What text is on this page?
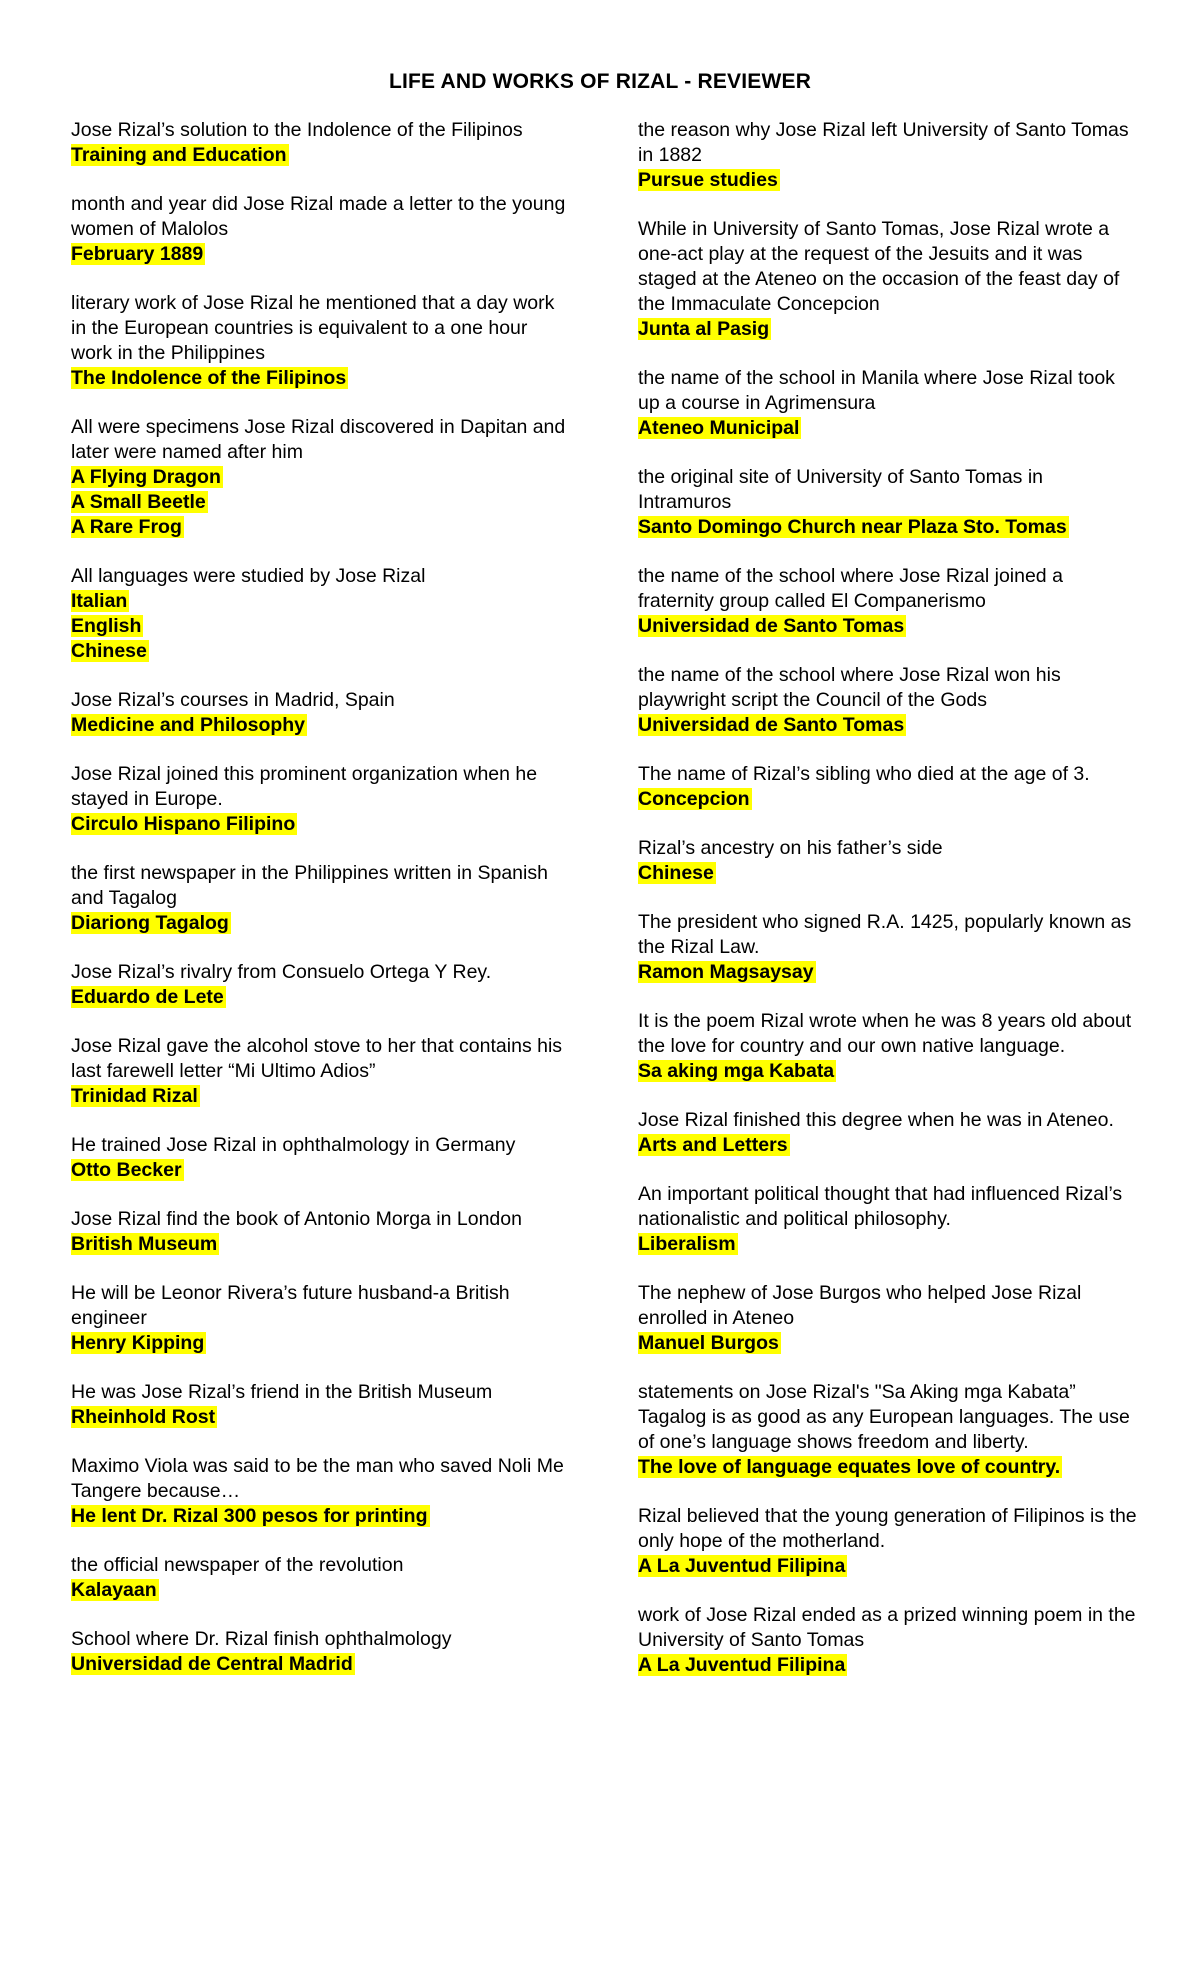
LIFE AND WORKS OF RIZAL - REVIEWER
Jose Rizal’s solution to the Indolence of the Filipinos
Training and Education
month and year did Jose Rizal made a letter to the young women of Malolos
February 1889
literary work of Jose Rizal he mentioned that a day work in the European countries is equivalent to a one hour work in the Philippines
The Indolence of the Filipinos
All were specimens Jose Rizal discovered in Dapitan and later were named after him
A Flying Dragon
A Small Beetle
A Rare Frog
All languages were studied by Jose Rizal
Italian
English
Chinese
Jose Rizal’s courses in Madrid, Spain
Medicine and Philosophy
Jose Rizal joined this prominent organization when he stayed in Europe.
Circulo Hispano Filipino
the first newspaper in the Philippines written in Spanish and Tagalog
Diariong Tagalog
Jose Rizal’s rivalry from Consuelo Ortega Y Rey.
Eduardo de Lete
Jose Rizal gave the alcohol stove to her that contains his last farewell letter “Mi Ultimo Adios”
Trinidad Rizal
He trained Jose Rizal in ophthalmology in Germany
Otto Becker
Jose Rizal find the book of Antonio Morga in London
British Museum
He will be Leonor Rivera’s future husband-a British engineer
Henry Kipping
He was Jose Rizal’s friend in the British Museum
Rheinhold Rost
Maximo Viola was said to be the man who saved Noli Me Tangere because…
He lent Dr. Rizal 300 pesos for printing
the official newspaper of the revolution
Kalayaan
School where Dr. Rizal finish ophthalmology
Universidad de Central Madrid
the reason why Jose Rizal left University of Santo Tomas in 1882
Pursue studies
While in University of Santo Tomas, Jose Rizal wrote a one-act play at the request of the Jesuits and it was staged at the Ateneo on the occasion of the feast day of the Immaculate Concepcion
Junta al Pasig
the name of the school in Manila where Jose Rizal took up a course in Agrimensura
Ateneo Municipal
the original site of University of Santo Tomas in Intramuros
Santo Domingo Church near Plaza Sto. Tomas
the name of the school where Jose Rizal joined a fraternity group called El Companerismo
Universidad de Santo Tomas
the name of the school where Jose Rizal won his playwright script the Council of the Gods
Universidad de Santo Tomas
The name of Rizal’s sibling who died at the age of 3.
Concepcion
Rizal’s ancestry on his father’s side
Chinese
The president who signed R.A. 1425, popularly known as the Rizal Law.
Ramon Magsaysay
It is the poem Rizal wrote when he was 8 years old about the love for country and our own native language.
Sa aking mga Kabata
Jose Rizal finished this degree when he was in Ateneo.
Arts and Letters
An important political thought that had influenced Rizal’s nationalistic and political philosophy.
Liberalism
The nephew of Jose Burgos who helped Jose Rizal enrolled in Ateneo
Manuel Burgos
statements on Jose Rizal's "Sa Aking mga Kabata” Tagalog is as good as any European languages. The use of one’s language shows freedom and liberty.
The love of language equates love of country.
Rizal believed that the young generation of Filipinos is the only hope of the motherland.
A La Juventud Filipina
work of Jose Rizal ended as a prized winning poem in the University of Santo Tomas
A La Juventud Filipina
